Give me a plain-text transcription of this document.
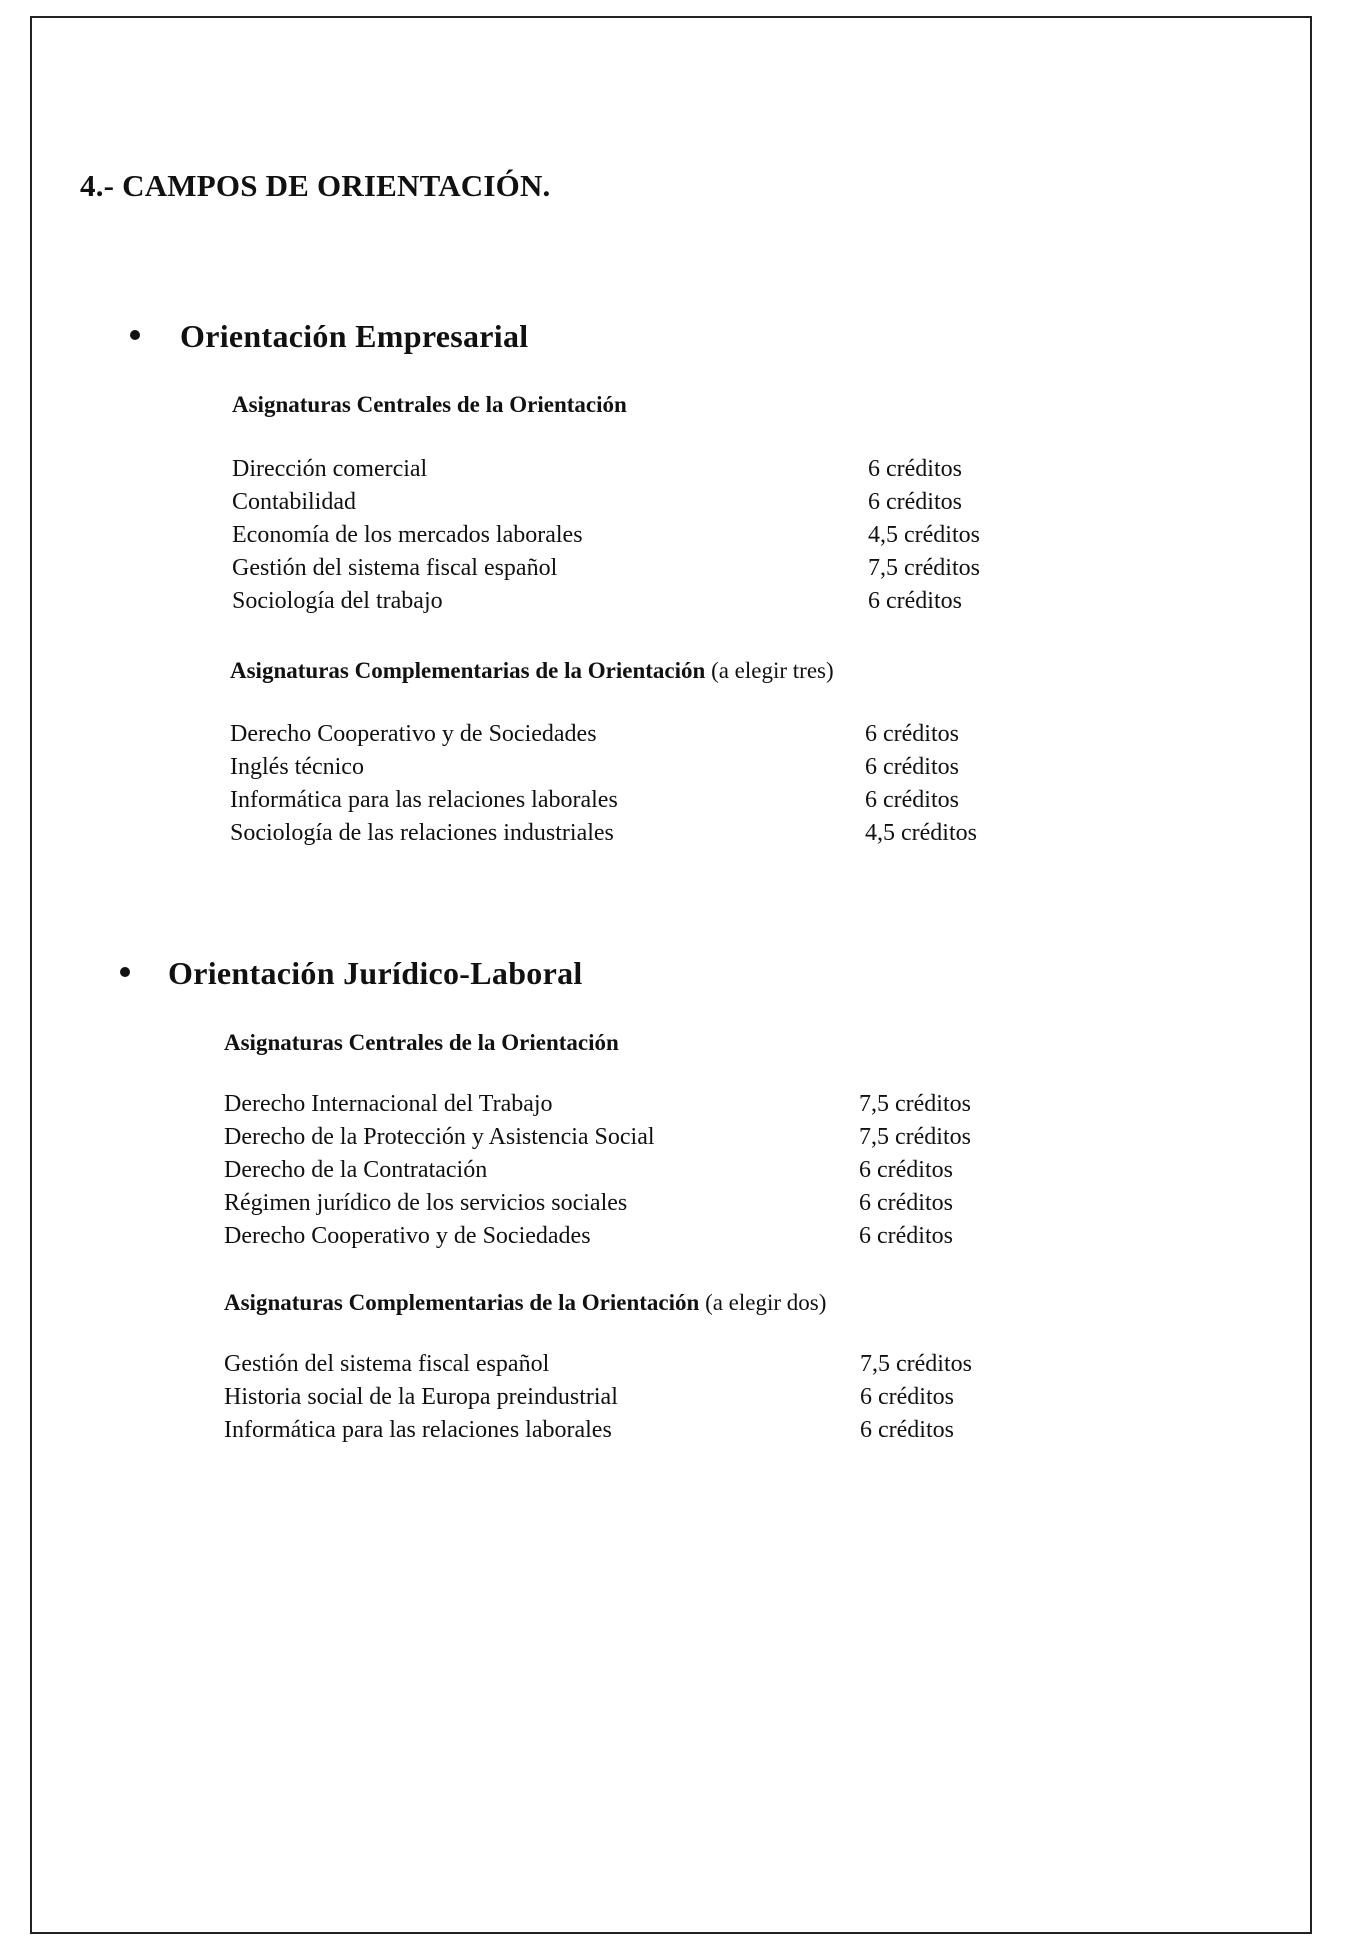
4.- CAMPOS DE ORIENTACIÓN.
Orientación Empresarial
Asignaturas Centrales de la Orientación
Dirección comercial	6 créditos
Contabilidad	6 créditos
Economía de los mercados laborales	4,5 créditos
Gestión del sistema fiscal español	7,5 créditos
Sociología del trabajo	6 créditos
Asignaturas Complementarias de la Orientación (a elegir tres)
Derecho Cooperativo y de Sociedades	6 créditos
Inglés técnico	6 créditos
Informática para las relaciones laborales	6 créditos
Sociología de las relaciones industriales	4,5 créditos
Orientación Jurídico-Laboral
Asignaturas Centrales de la Orientación
Derecho Internacional del Trabajo	7,5 créditos
Derecho de la Protección y Asistencia Social	7,5 créditos
Derecho de la Contratación	6 créditos
Régimen jurídico de los servicios sociales	6 créditos
Derecho Cooperativo y de Sociedades	6 créditos
Asignaturas Complementarias de la Orientación (a elegir dos)
Gestión del sistema fiscal español	7,5 créditos
Historia social de la Europa preindustrial	6 créditos
Informática para las relaciones laborales	6 créditos
